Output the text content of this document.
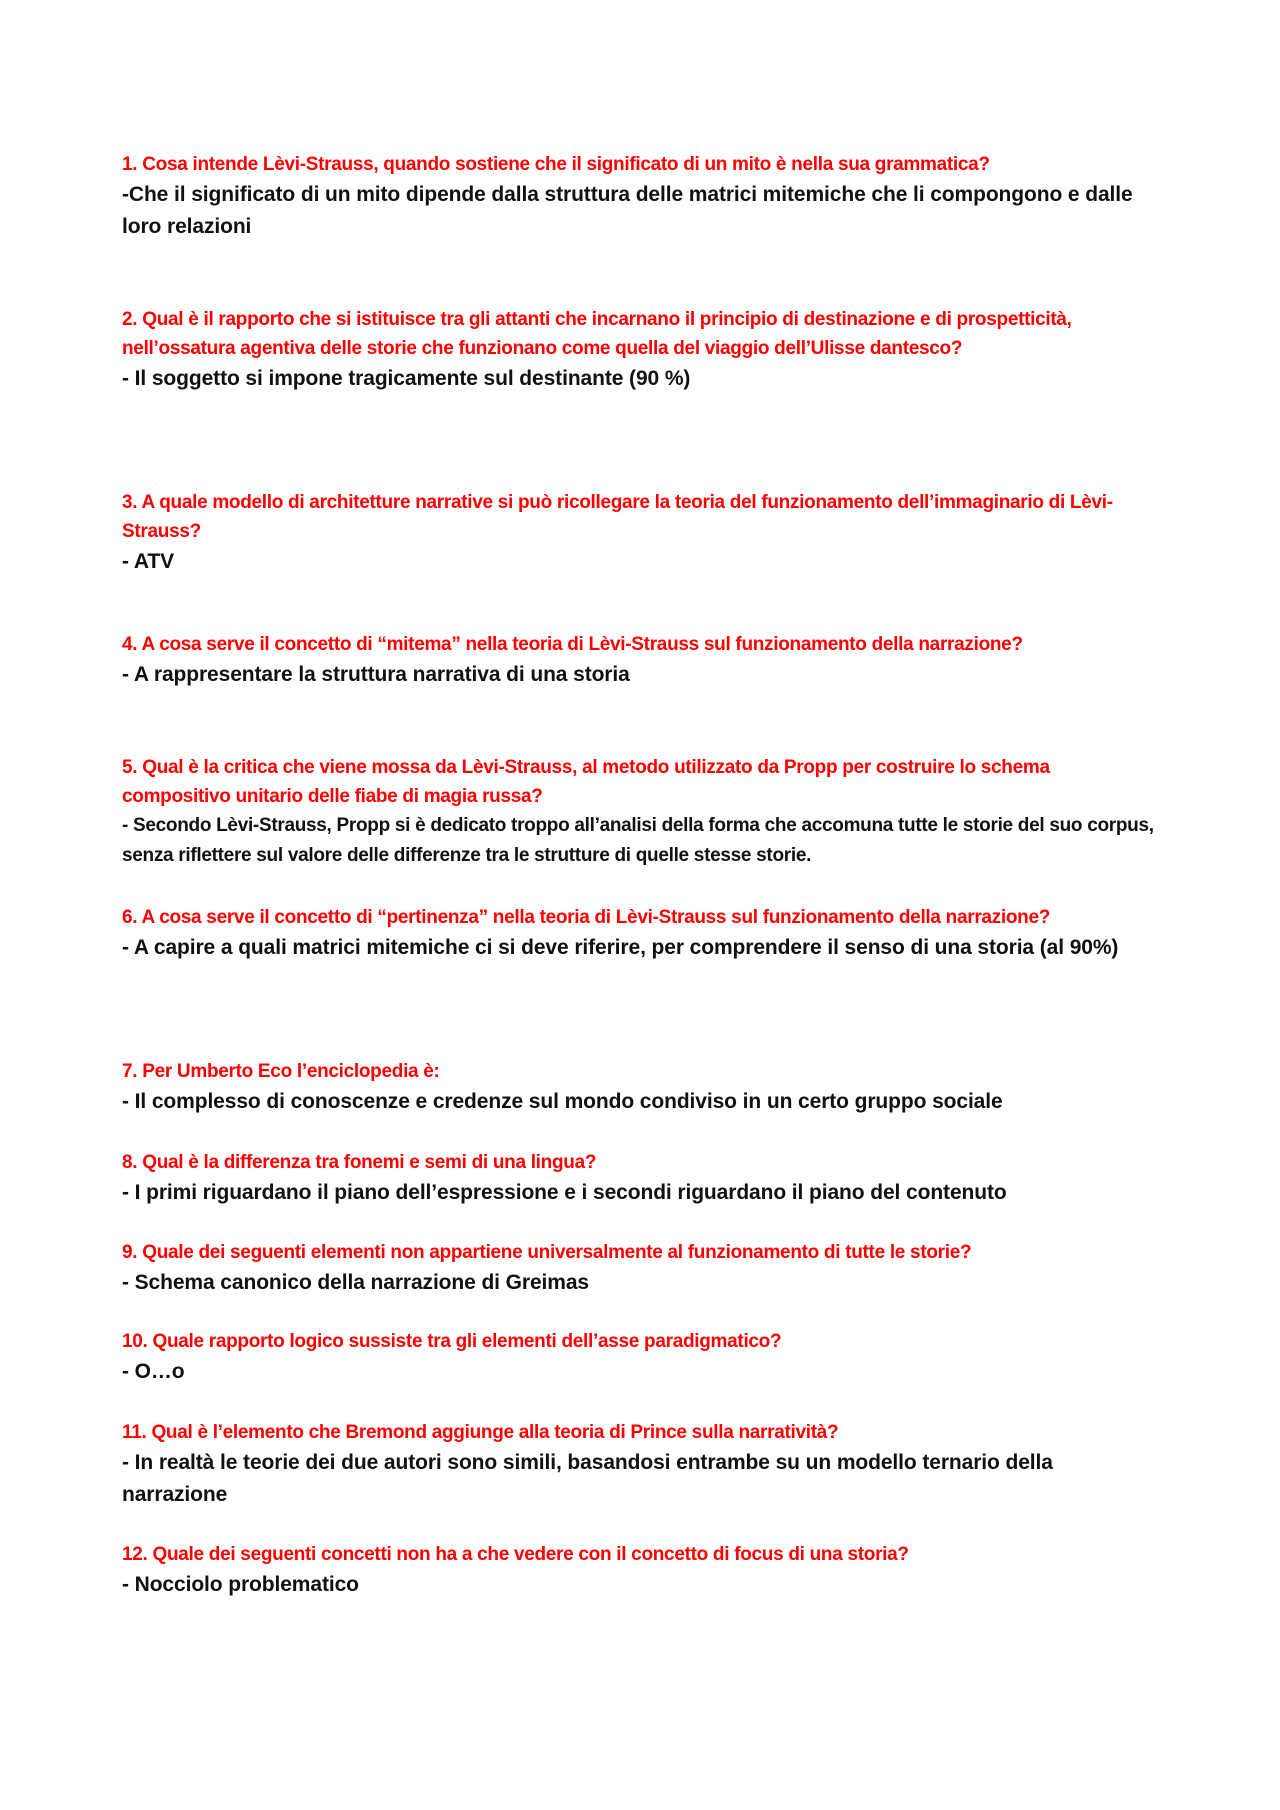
1. Cosa intende Lèvi-Strauss, quando sostiene che il significato di un mito è nella sua grammatica?

-Che il significato di un mito dipende dalla struttura delle matrici mitemiche che li compongono e dalle loro relazioni

2. Qual è il rapporto che si istituisce tra gli attanti che incarnano il principio di destinazione e di prospetticità, nell’ossatura agentiva delle storie che funzionano come quella del viaggio dell’Ulisse dantesco?

- Il soggetto si impone tragicamente sul destinante (90 %)

3. A quale modello di architetture narrative si può ricollegare la teoria del funzionamento dell’immaginario di Lèvi-Strauss?

- ATV

4. A cosa serve il concetto di “mitema” nella teoria di Lèvi-Strauss sul funzionamento della narrazione?

- A rappresentare la struttura narrativa di una storia

5. Qual è la critica che viene mossa da Lèvi-Strauss, al metodo utilizzato da Propp per costruire lo schema compositivo unitario delle fiabe di magia russa?

- Secondo Lèvi-Strauss, Propp si è dedicato troppo all’analisi della forma che accomuna tutte le storie del suo corpus, senza riflettere sul valore delle differenze tra le strutture di quelle stesse storie.

6. A cosa serve il concetto di “pertinenza” nella teoria di Lèvi-Strauss sul funzionamento della narrazione?

- A capire a quali matrici mitemiche ci si deve riferire, per comprendere il senso di una storia (al 90%)

7. Per Umberto Eco l’enciclopedia è:

- Il complesso di conoscenze e credenze sul mondo condiviso in un certo gruppo sociale

8. Qual è la differenza tra fonemi e semi di una lingua?

- I primi riguardano il piano dell’espressione e i secondi riguardano il piano del contenuto

9. Quale dei seguenti elementi non appartiene universalmente al funzionamento di tutte le storie?

- Schema canonico della narrazione di Greimas

10. Quale rapporto logico sussiste tra gli elementi dell’asse paradigmatico?

- O…o

11. Qual è l’elemento che Bremond aggiunge alla teoria di Prince sulla narratività?

- In realtà le teorie dei due autori sono simili, basandosi entrambe su un modello ternario della narrazione

12. Quale dei seguenti concetti non ha a che vedere con il concetto di focus di una storia?

- Nocciolo problematico
